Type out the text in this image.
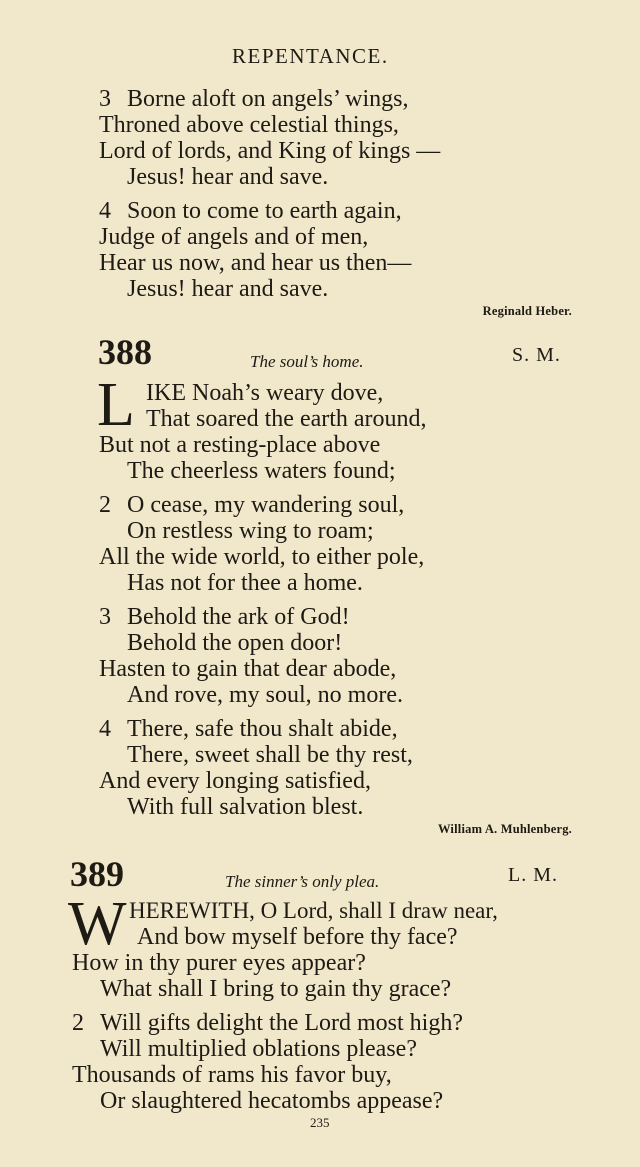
REPENTANCE.
3 Borne aloft on angels’ wings,
Throned above celestial things,
Lord of lords, and King of kings —
Jesus! hear and save.
4 Soon to come to earth again,
Judge of angels and of men,
Hear us now, and hear us then—
Jesus! hear and save.
Reginald Heber.
388	The soul’s home.	S. M.
L IKE Noah’s weary dove,
That soared the earth around,
But not a resting-place above
The cheerless waters found;
2 O cease, my wandering soul,
On restless wing to roam;
All the wide world, to either pole,
Has not for thee a home.
3 Behold the ark of God!
Behold the open door!
Hasten to gain that dear abode,
And rove, my soul, no more.
4 There, safe thou shalt abide,
There, sweet shall be thy rest,
And every longing satisfied,
With full salvation blest.
William A. Muhlenberg.
389	The sinner’s only plea.	L. M.
W HEREWITH, O Lord, shall I draw near,
And bow myself before thy face?
How in thy purer eyes appear?
What shall I bring to gain thy grace?
2 Will gifts delight the Lord most high?
Will multiplied oblations please?
Thousands of rams his favor buy,
Or slaughtered hecatombs appease?
235
